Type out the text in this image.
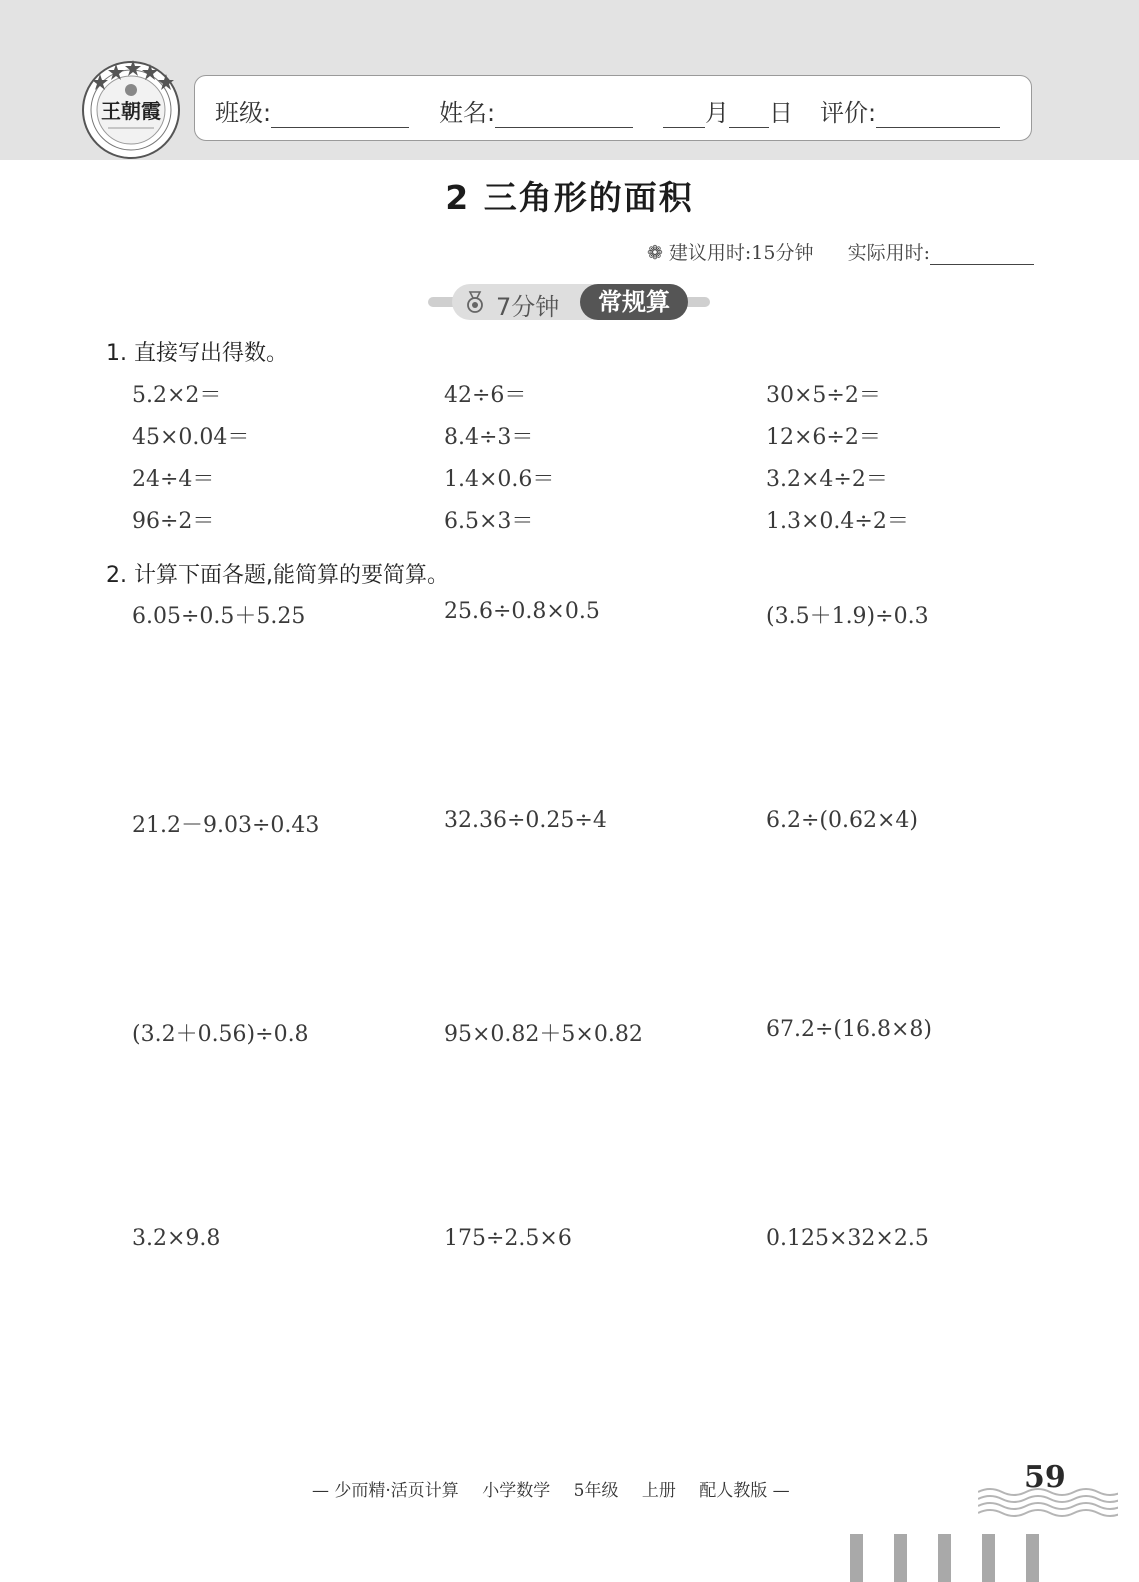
王朝霞 班级:	姓名:	月 日 评价:
2 三角形的面积
❁ 建议用时:15分钟 实际用时:
7分钟	常规算
1. 直接写出得数。
5.2×2＝	42÷6＝	30×5÷2＝
45×0.04＝	8.4÷3＝	12×6÷2＝
24÷4＝	1.4×0.6＝	3.2×4÷2＝
96÷2＝	6.5×3＝	1.3×0.4÷2＝
2. 计算下面各题,能简算的要简算。
6.05÷0.5＋5.25	25.6÷0.8×0.5	(3.5＋1.9)÷0.3
21.2－9.03÷0.43	32.36÷0.25÷4	6.2÷(0.62×4)
(3.2＋0.56)÷0.8	95×0.82＋5×0.82	67.2÷(16.8×8)
3.2×9.8	175÷2.5×6	0.125×32×2.5
— 少而精·活页计算 小学数学 5年级 上册 配人教版 —	59
